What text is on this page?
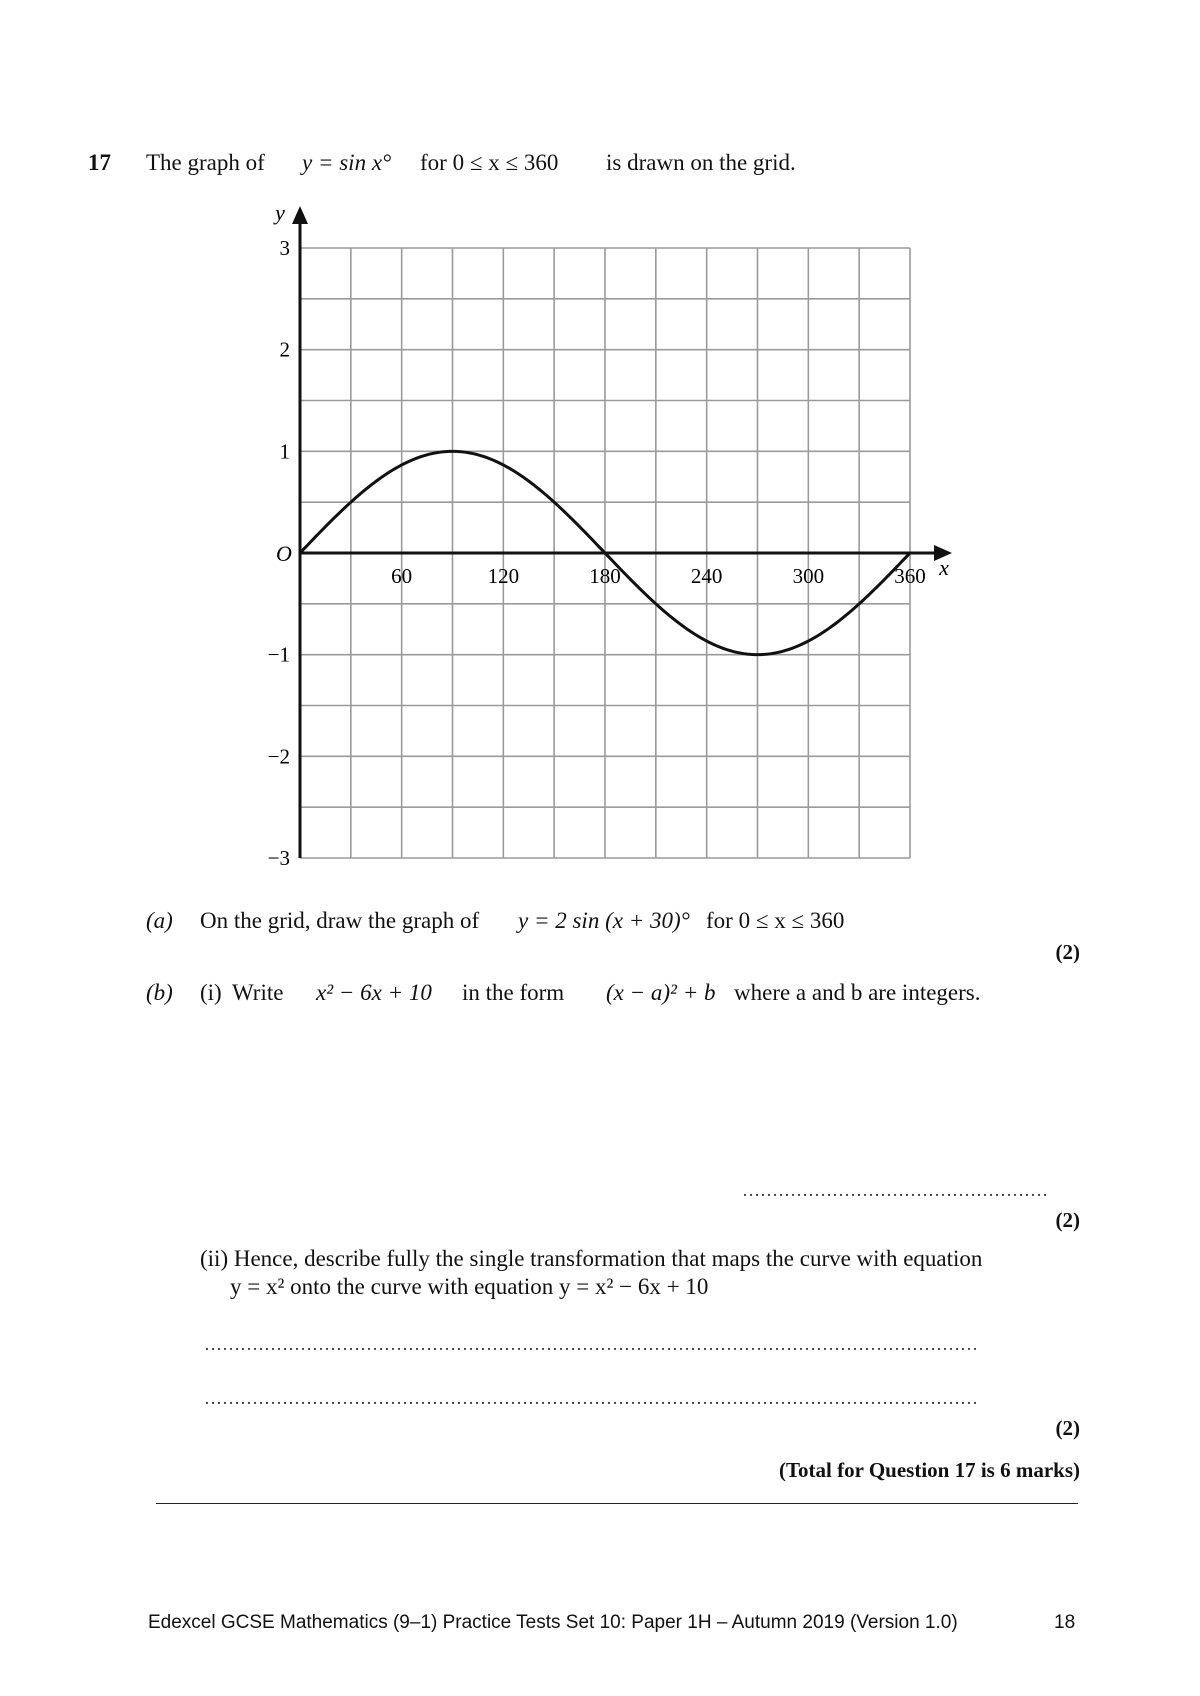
17 The graph of y = sin x° for 0 ≤ x ≤ 360 is drawn on the grid.
y
x
O
60	120	180	240	300	360
3
2
1
−1
−2
−3
(a) On the grid, draw the graph of y = 2 sin (x + 30)° for 0 ≤ x ≤ 360
(2)
(b) (i) Write x² − 6x + 10 in the form (x − a)² + b where a and b are integers.
……………………………………………
(2)
(ii) Hence, describe fully the single transformation that maps the curve with equation
y = x² onto the curve with equation y = x² − 6x + 10
…………………………………………………………………………………………………………………
…………………………………………………………………………………………………………………
(2)
(Total for Question 17 is 6 marks)
Edexcel GCSE Mathematics (9–1) Practice Tests Set 10: Paper 1H – Autumn 2019 (Version 1.0)	18
